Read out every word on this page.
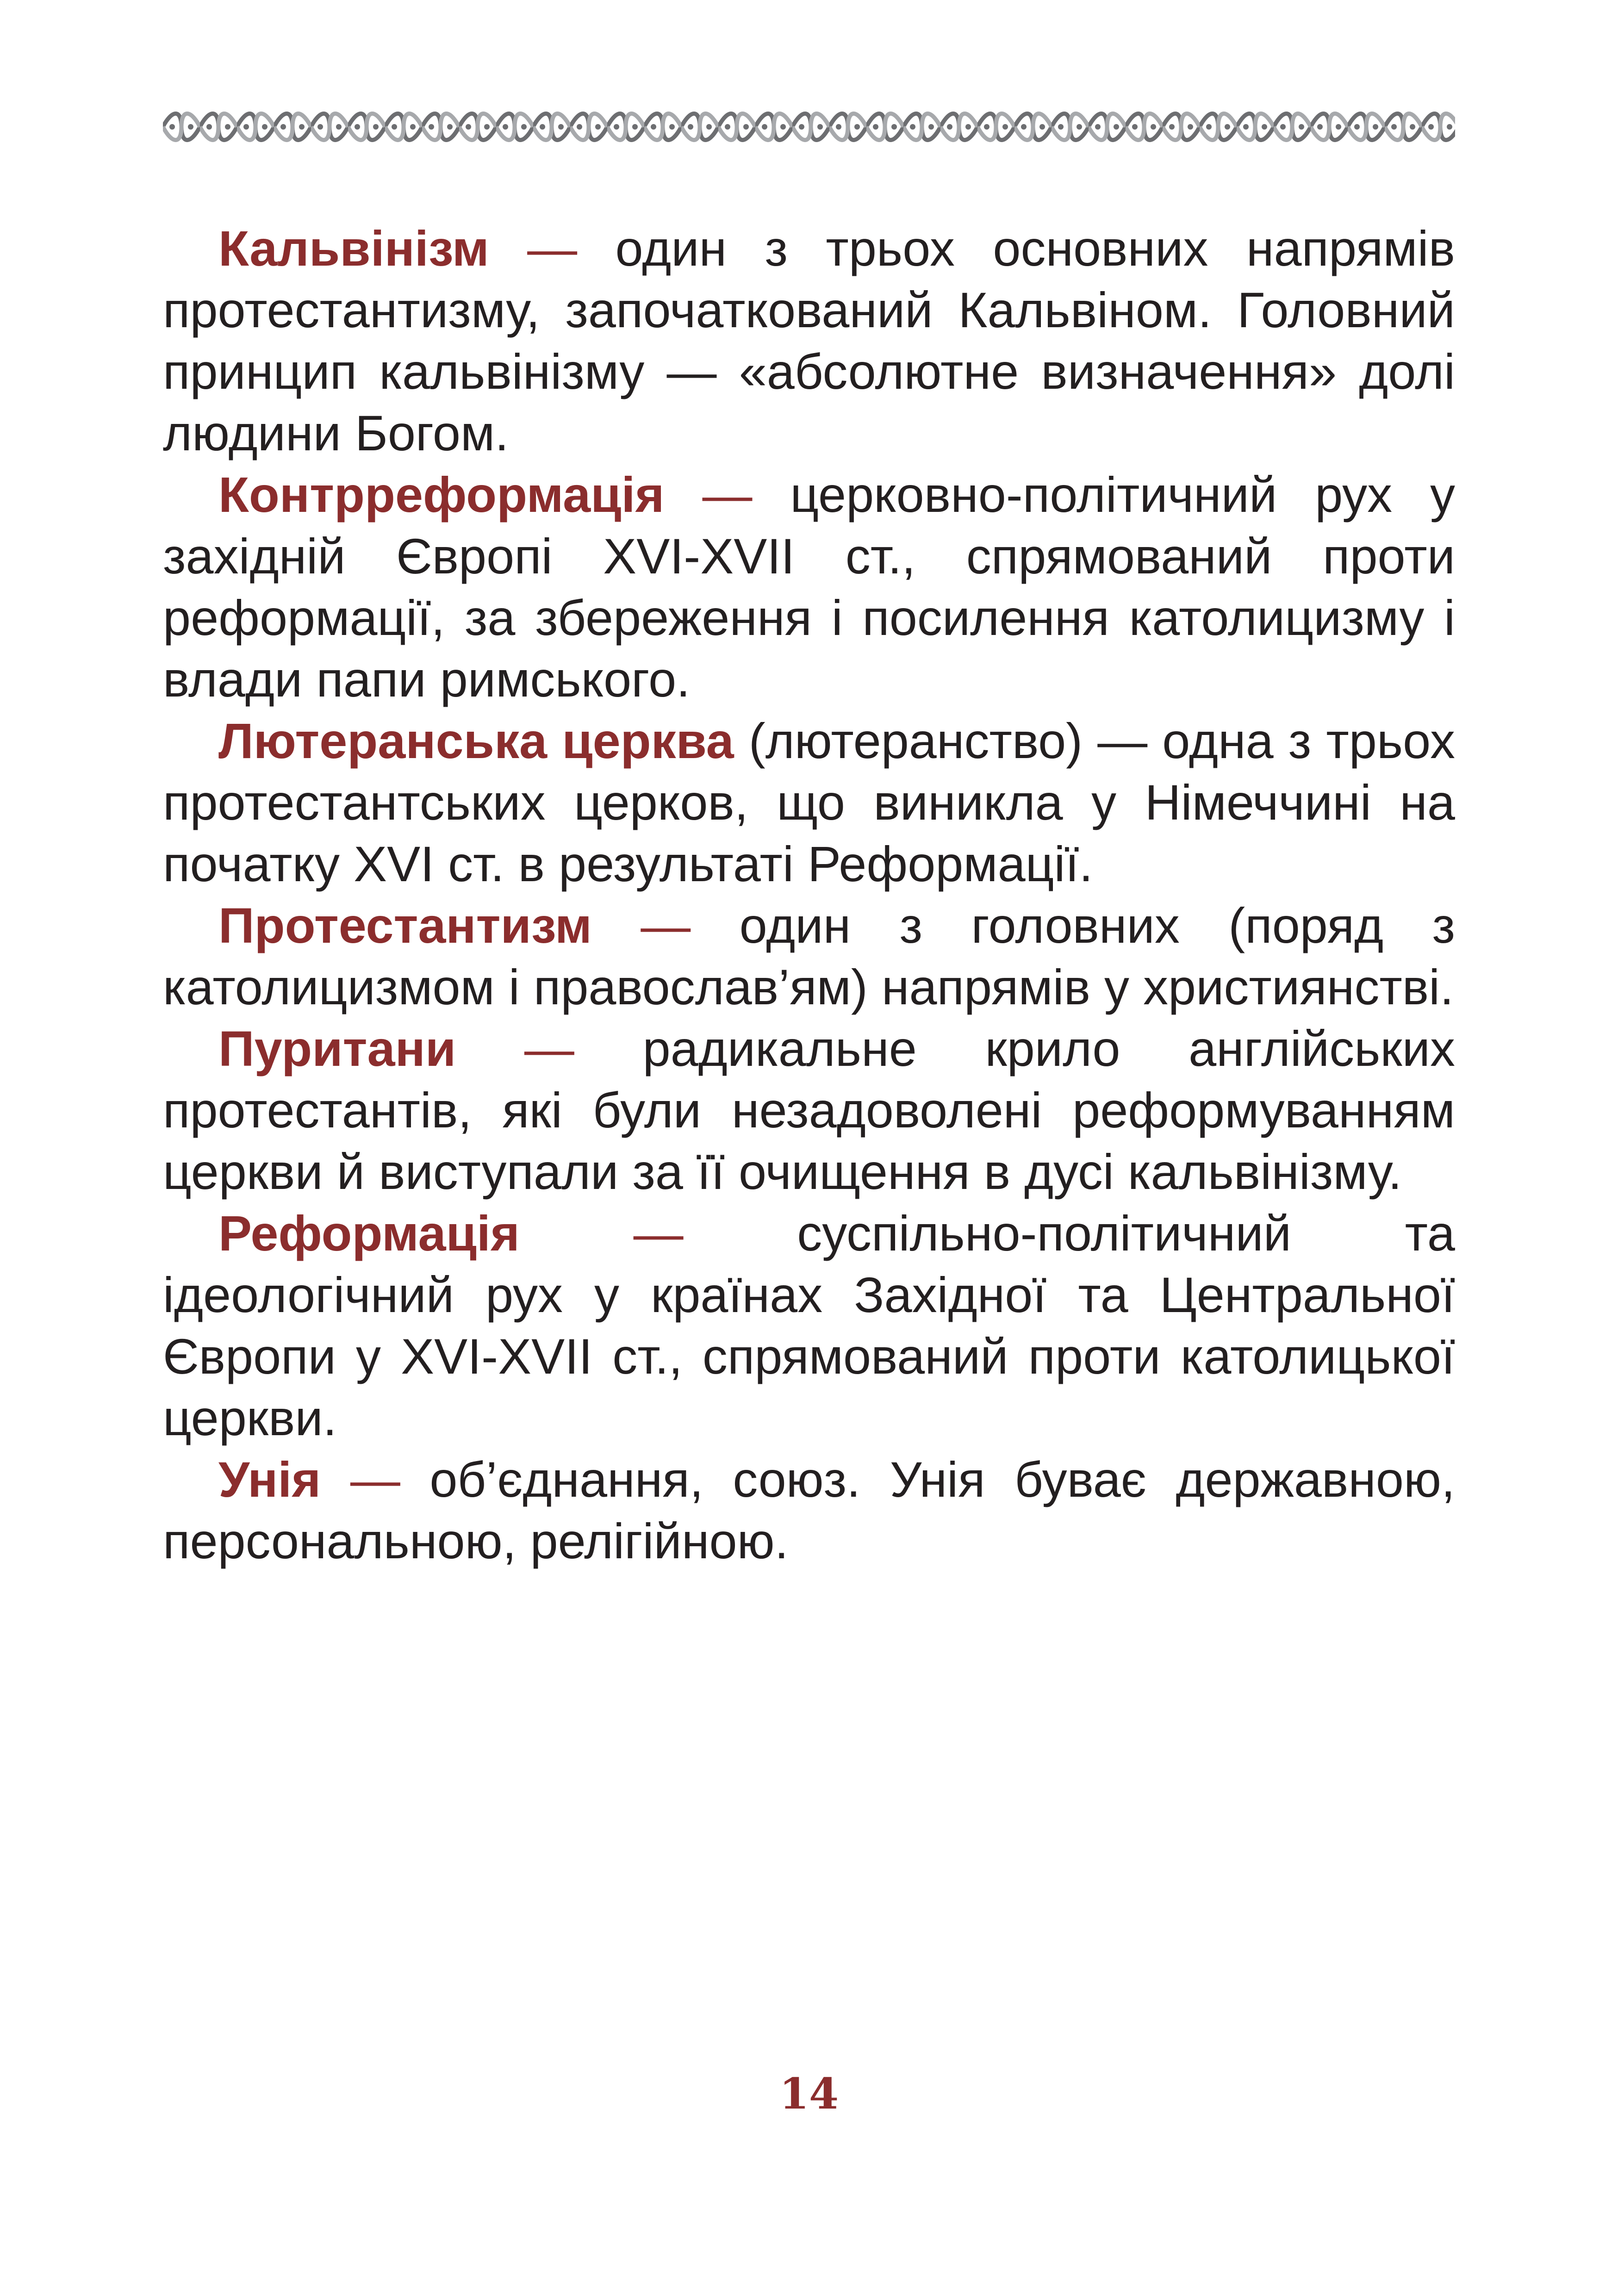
Кальвінізм — один з трьох основних напрямів протестантизму, започаткований Кальвіном. Головний принцип кальвінізму — «абсолютне визначення» долі людини Богом.

Контрреформація — церковно-політичний рух у західній Європі XVI-XVII ст., спрямований проти реформації, за збереження і посилення католицизму і влади папи римського.

Лютеранська церква (лютеранство) — одна з трьох протестантських церков, що виникла у Німеччині на початку XVI ст. в результаті Реформації.

Протестантизм — один з головних (поряд з католицизмом і православ’ям) напрямів у християнстві.

Пуритани — радикальне крило англійських протестантів, які були незадоволені реформуванням церкви й виступали за її очищення в дусі кальвінізму.

Реформація — суспільно-політичний та ідеологічний рух у країнах Західної та Центральної Європи у XVI-XVII ст., спрямований проти католицької церкви.

Унія — об’єднання, союз. Унія буває державною, персональною, релігійною.

14
